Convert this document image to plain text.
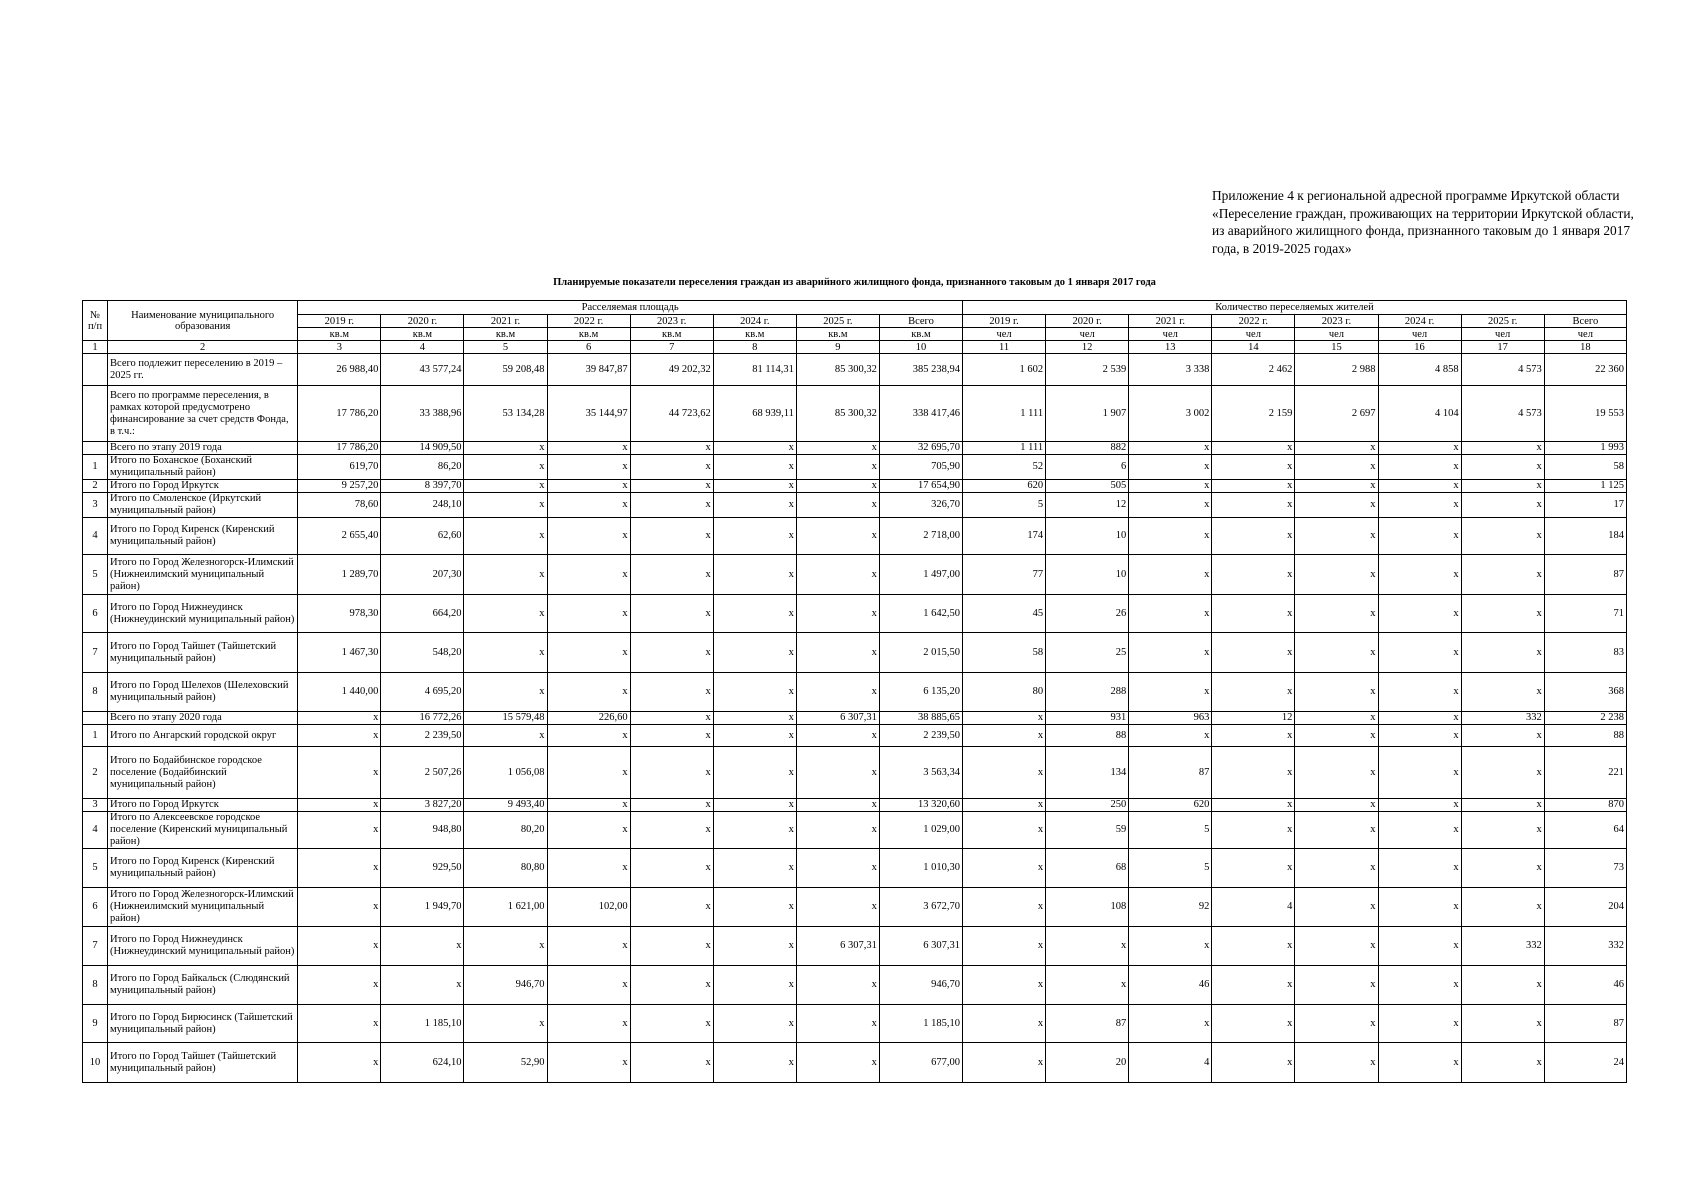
Приложение 4 к региональной адресной программе Иркутской области «Переселение граждан, проживающих на территории Иркутской области, из аварийного жилищного фонда, признанного таковым до 1 января 2017 года, в 2019-2025 годах»
Планируемые показатели переселения граждан из аварийного жилищного фонда, признанного таковым до 1 января 2017 года
№ п/п	Наименование муниципального образования	Расселяемая площадь								Количество переселяемых жителей							
		2019 г.	2020 г.	2021 г.	2022 г.	2023 г.	2024 г.	2025 г.	Всего	2019 г.	2020 г.	2021 г.	2022 г.	2023 г.	2024 г.	2025 г.	Всего
		кв.м	кв.м	кв.м	кв.м	кв.м	кв.м	кв.м	кв.м	чел	чел	чел	чел	чел	чел	чел	чел
1	2	3	4	5	6	7	8	9	10	11	12	13	14	15	16	17	18
	Всего подлежит переселению в 2019 – 2025 гг.	26 988,40	43 577,24	59 208,48	39 847,87	49 202,32	81 114,31	85 300,32	385 238,94	1 602	2 539	3 338	2 462	2 988	4 858	4 573	22 360
	Всего по программе переселения, в рамках которой предусмотрено финансирование за счет средств Фонда, в т.ч.:	17 786,20	33 388,96	53 134,28	35 144,97	44 723,62	68 939,11	85 300,32	338 417,46	1 111	1 907	3 002	2 159	2 697	4 104	4 573	19 553
	Всего по этапу 2019 года	17 786,20	14 909,50	x	x	x	x	x	32 695,70	1 111	882	x	x	x	x	x	1 993
1	Итого по Боханское (Боханский муниципальный район)	619,70	86,20	x	x	x	x	x	705,90	52	6	x	x	x	x	x	58
2	Итого по Город Иркутск	9 257,20	8 397,70	x	x	x	x	x	17 654,90	620	505	x	x	x	x	x	1 125
3	Итого по Смоленское (Иркутский муниципальный район)	78,60	248,10	x	x	x	x	x	326,70	5	12	x	x	x	x	x	17
4	Итого по Город Киренск (Киренский муниципальный район)	2 655,40	62,60	x	x	x	x	x	2 718,00	174	10	x	x	x	x	x	184
5	Итого по Город Железногорск-Илимский (Нижнеилимский муниципальный район)	1 289,70	207,30	x	x	x	x	x	1 497,00	77	10	x	x	x	x	x	87
6	Итого по Город Нижнеудинск (Нижнеудинский муниципальный район)	978,30	664,20	x	x	x	x	x	1 642,50	45	26	x	x	x	x	x	71
7	Итого по Город Тайшет (Тайшетский муниципальный район)	1 467,30	548,20	x	x	x	x	x	2 015,50	58	25	x	x	x	x	x	83
8	Итого по Город Шелехов (Шелеховский муниципальный район)	1 440,00	4 695,20	x	x	x	x	x	6 135,20	80	288	x	x	x	x	x	368
	Всего по этапу 2020 года	x	16 772,26	15 579,48	226,60	x	x	6 307,31	38 885,65	x	931	963	12	x	x	332	2 238
1	Итого по Ангарский городской округ	x	2 239,50	x	x	x	x	x	2 239,50	x	88	x	x	x	x	x	88
2	Итого по Бодайбинское городское поселение (Бодайбинский муниципальный район)	x	2 507,26	1 056,08	x	x	x	x	3 563,34	x	134	87	x	x	x	x	221
3	Итого по Город Иркутск	x	3 827,20	9 493,40	x	x	x	x	13 320,60	x	250	620	x	x	x	x	870
4	Итого по Алексеевское городское поселение (Киренский муниципальный район)	x	948,80	80,20	x	x	x	x	1 029,00	x	59	5	x	x	x	x	64
5	Итого по Город Киренск (Киренский муниципальный район)	x	929,50	80,80	x	x	x	x	1 010,30	x	68	5	x	x	x	x	73
6	Итого по Город Железногорск-Илимский (Нижнеилимский муниципальный район)	x	1 949,70	1 621,00	102,00	x	x	x	3 672,70	x	108	92	4	x	x	x	204
7	Итого по Город Нижнеудинск (Нижнеудинский муниципальный район)	x	x	x	x	x	x	6 307,31	6 307,31	x	x	x	x	x	x	332	332
8	Итого по Город Байкальск (Слюдянский муниципальный район)	x	x	946,70	x	x	x	x	946,70	x	x	46	x	x	x	x	46
9	Итого по Город Бирюсинск (Тайшетский муниципальный район)	x	1 185,10	x	x	x	x	x	1 185,10	x	87	x	x	x	x	x	87
10	Итого по Город Тайшет (Тайшетский муниципальный район)	x	624,10	52,90	x	x	x	x	677,00	x	20	4	x	x	x	x	24
